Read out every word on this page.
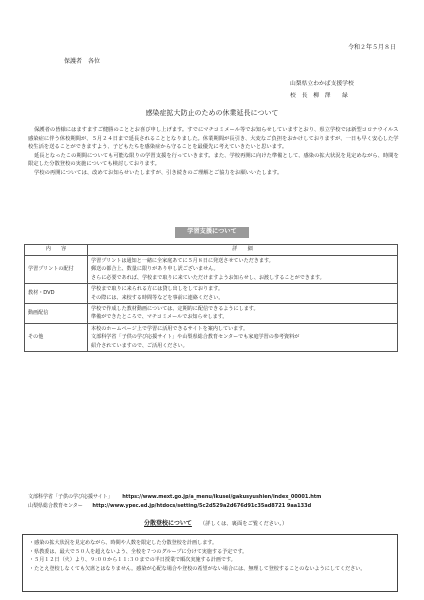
令和２年５月８日
保護者　各位
山梨県立わかば支援学校
校　長　柳　澤　　緑
感染症拡大防止のための休業延長について

保護者の皆様にはますますご健勝のこととお喜び申し上げます。すでにマチコミメール等でお知らせしていますとおり、県立学校では新型コロナウイルス感染症に伴う休校期間が、５月２４日まで延長されることとなりました。休業期間が長引き、大変なご負担をおかけしておりますが、一日も早く安心した学校生活を送ることができますよう、子どもたちを感染症から守ることを最優先に考えていきたいと思います。

延長となったこの期間についても可能な限りの学習支援を行っていきます。また、学校再開に向けた準備として、感染の拡大状況を見定めながら、時間を限定した分散登校の実施についても検討しております。

学校の再開については、改めてお知らせいたしますが、引き続きのご理解とご協力をお願いいたします。

学習支援について
内　　容	詳　　細
学習プリントの配付	学習プリントは通知と一緒に全家庭あてに５月８日に発送させていただきます。
郵送の都合上、数量に限りがあり申し訳ございません。
さらに必要であれば、学校まで取りに来ていただけますようお知らせし、お渡しすることができます。

教材・DVD	学校まで取りに来られる方には貸し出しをしております。
その際には、来校する時間等などを事前に連絡ください。

動画配信	学校で作成した教材動画については、定期的に配信できるようにします。
準備ができたところで、マチコミメールでお知らせします。

その他	本校のホームページ上で学習に活用できるサイトを案内しています。
文部科学省「子供の学び応援サイト」や山梨県総合教育センターでも家庭学習の参考資料が
紹介されていますので、ご活用ください。
文部科学省「子供の学び応援サイト」 https://www.mext.go.jp/a_menu/ikusei/gakusyushien/index_00001.htm
山梨県総合教育センター http://www.ypec.ed.jp/htdocs/setting/5c2d529a2d676d91c35ad8721 9aa133d
分散登校について （詳しくは、裏面をご覧ください。）
・感染の拡大状況を見定めながら、時間や人数を限定した分散登校を計画します。
・県教委は、最大で５０人を超えないよう、全校を７つのグループに分けて実施する予定です。
・５月１２日（火）より、９:００から１１:３０までの半日授業で順次実施する計画です。
・たとえ登校しなくても欠席とはなりません。感染が心配な場合や登校の希望がない場合には、無理して登校することのないようにしてください。
